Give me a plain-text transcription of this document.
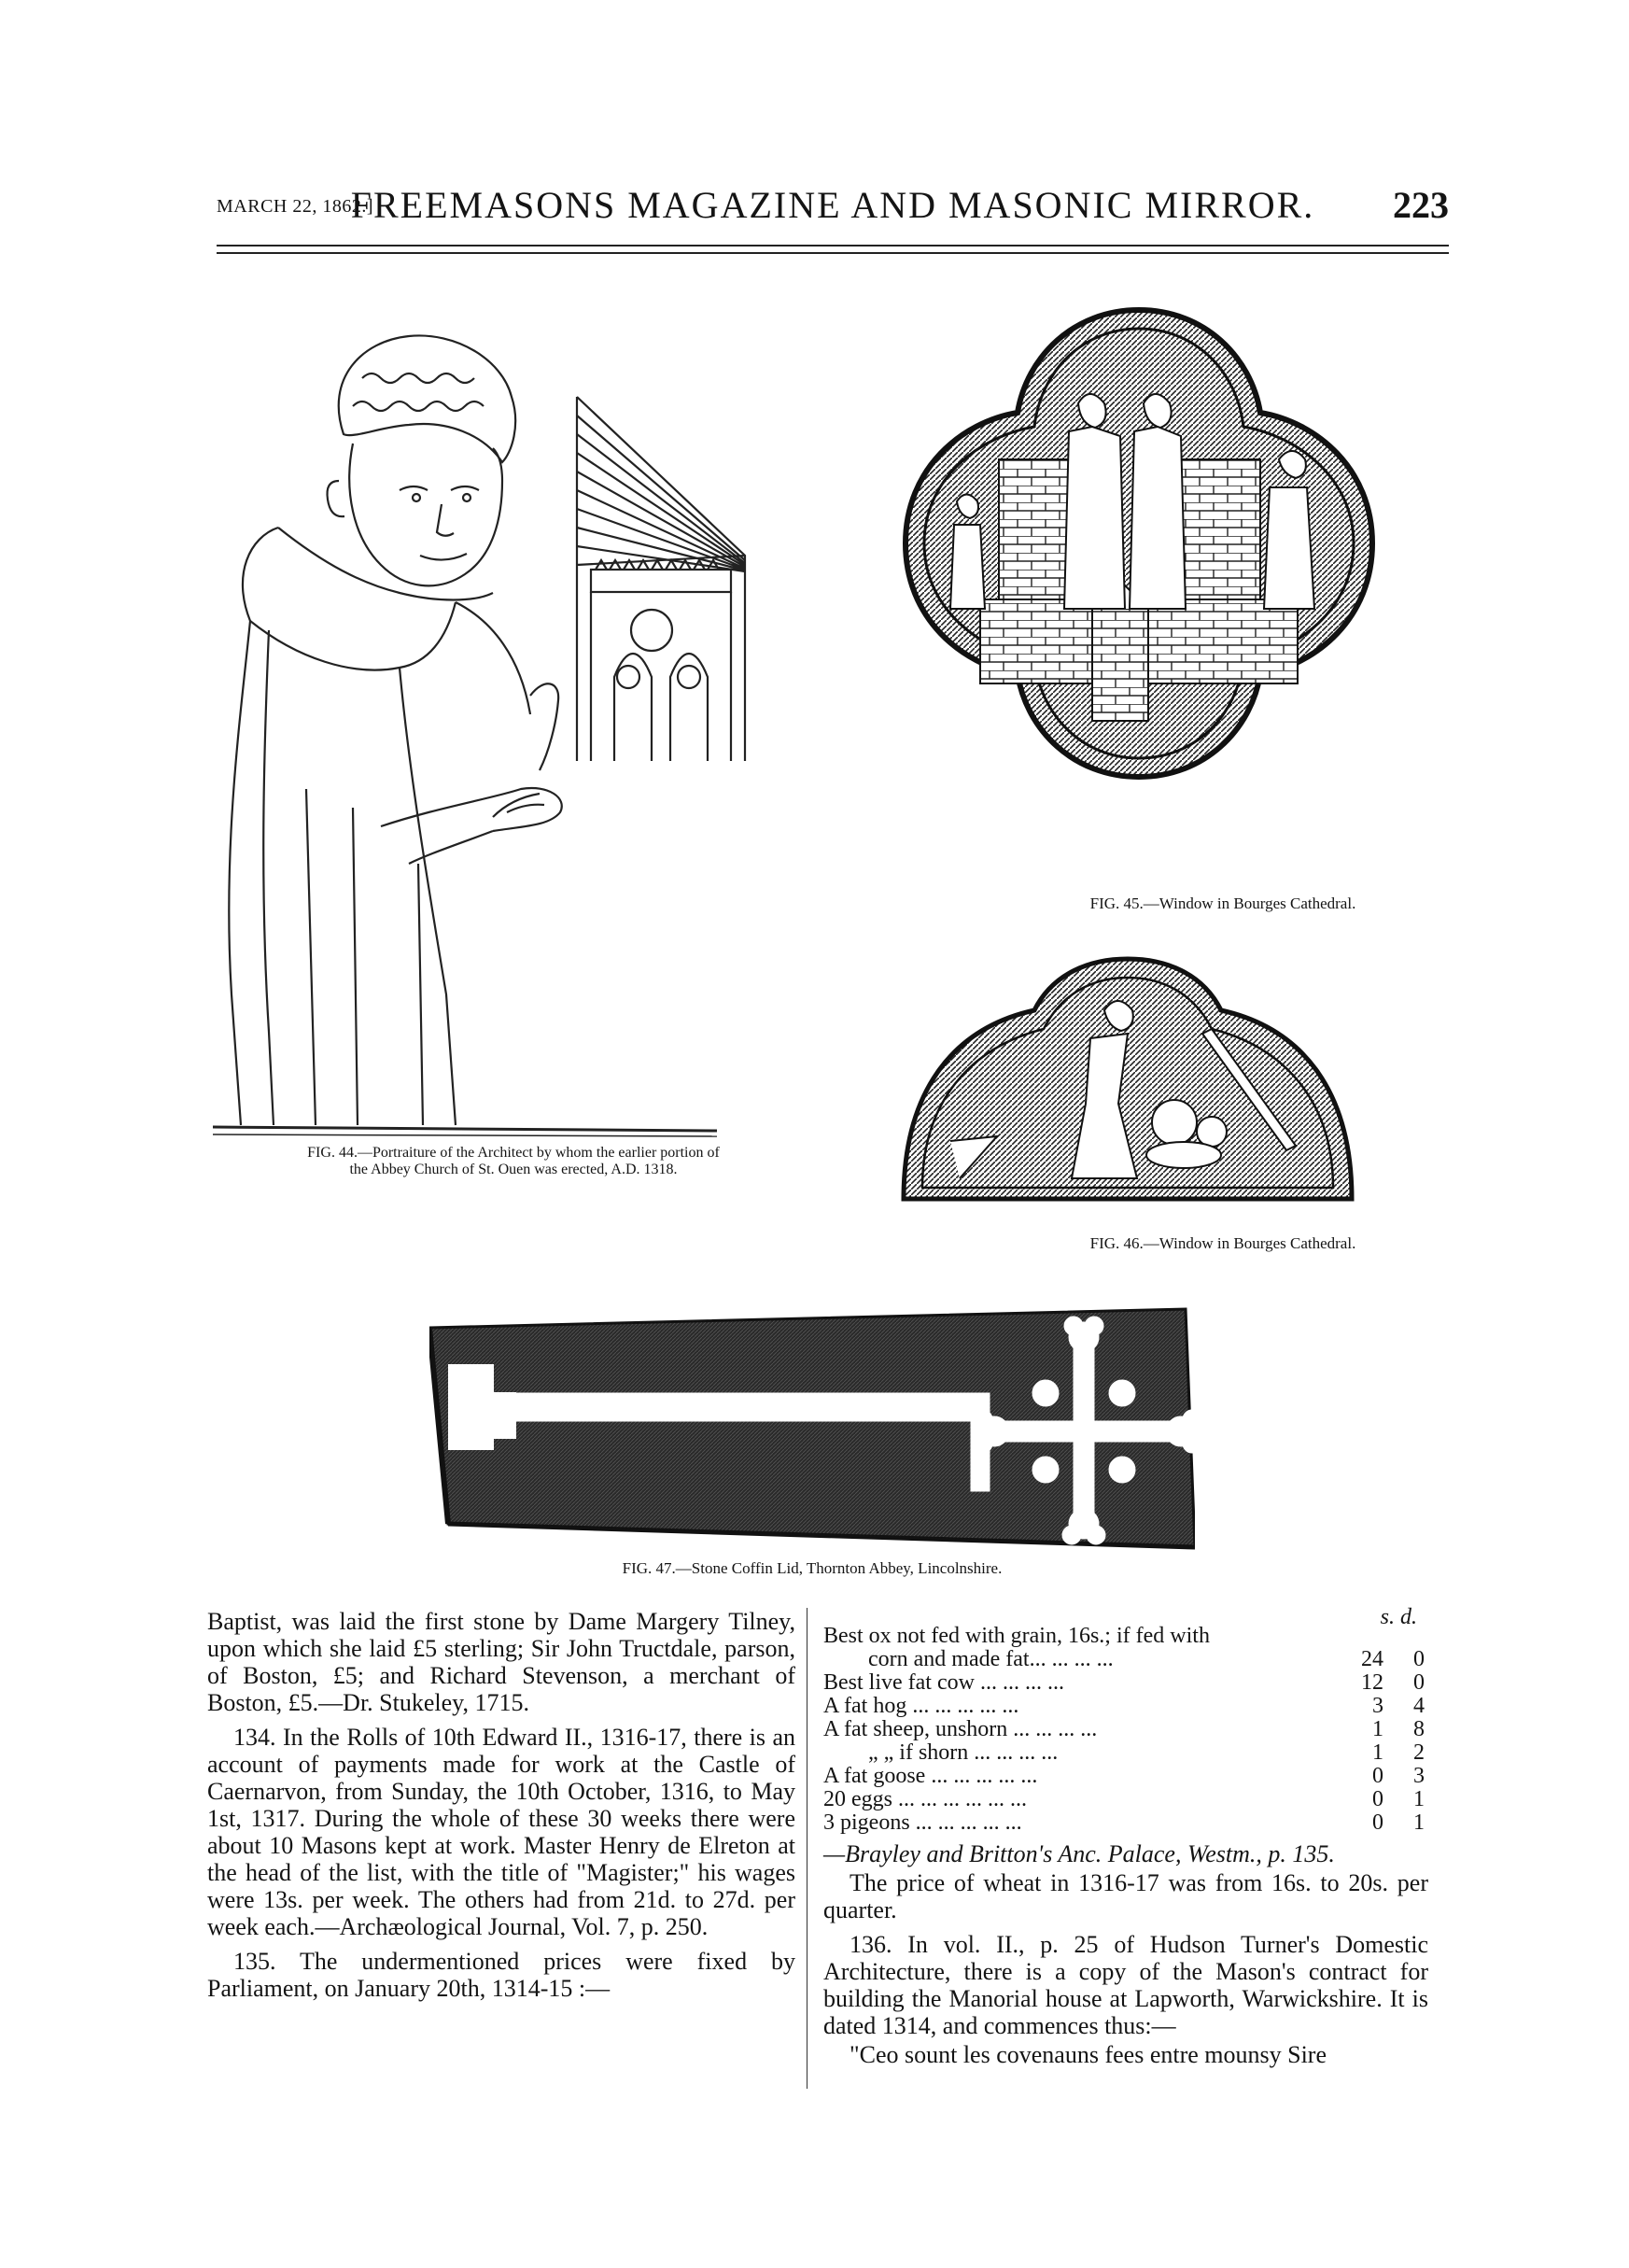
MARCH 22, 1862.]
FREEMASONS MAGAZINE AND MASONIC MIRROR.	223
FIG. 44.—Portraiture of the Architect by whom the earlier portion of
the Abbey Church of St. Ouen was erected, A.D. 1318.
FIG. 45.—Window in Bourges Cathedral.
FIG. 46.—Window in Bourges Cathedral.
FIG. 47.—Stone Coffin Lid, Thornton Abbey, Lincolnshire.

Baptist, was laid the first stone by Dame Margery Tilney, upon which she laid £5 sterling; Sir John Tructdale, parson, of Boston, £5; and Richard Stevenson, a merchant of Boston, £5.—Dr. Stukeley, 1715.

134. In the Rolls of 10th Edward II., 1316-17, there is an account of payments made for work at the Castle of Caernarvon, from Sunday, the 10th October, 1316, to May 1st, 1317. During the whole of these 30 weeks there were about 10 Masons kept at work. Master Henry de Elreton at the head of the list, with the title of "Magister;" his wages were 13s. per week. The others had from 21d. to 27d. per week each.—Archæological Journal, Vol. 7, p. 250.

135. The undermentioned prices were fixed by Parliament, on January 20th, 1314-15 :—

s. d.
Best ox not fed with grain, 16s.; if fed with
corn and made fat... ... ... ...	24	0
Best live fat cow ... ... ... ...	12	0
A fat hog ... ... ... ... ...	3	4
A fat sheep, unshorn ... ... ... ...	1	8
„ „ if shorn ... ... ... ...	1	2
A fat goose ... ... ... ... ...	0	3
20 eggs ... ... ... ... ... ...	0	1
3 pigeons ... ... ... ... ...	0	1

—Brayley and Britton's Anc. Palace, Westm., p. 135.

The price of wheat in 1316-17 was from 16s. to 20s. per quarter.

136. In vol. II., p. 25 of Hudson Turner's Domestic Architecture, there is a copy of the Mason's contract for building the Manorial house at Lapworth, Warwickshire. It is dated 1314, and commences thus:—

"Ceo sount les covenauns fees entre mounsy Sire
